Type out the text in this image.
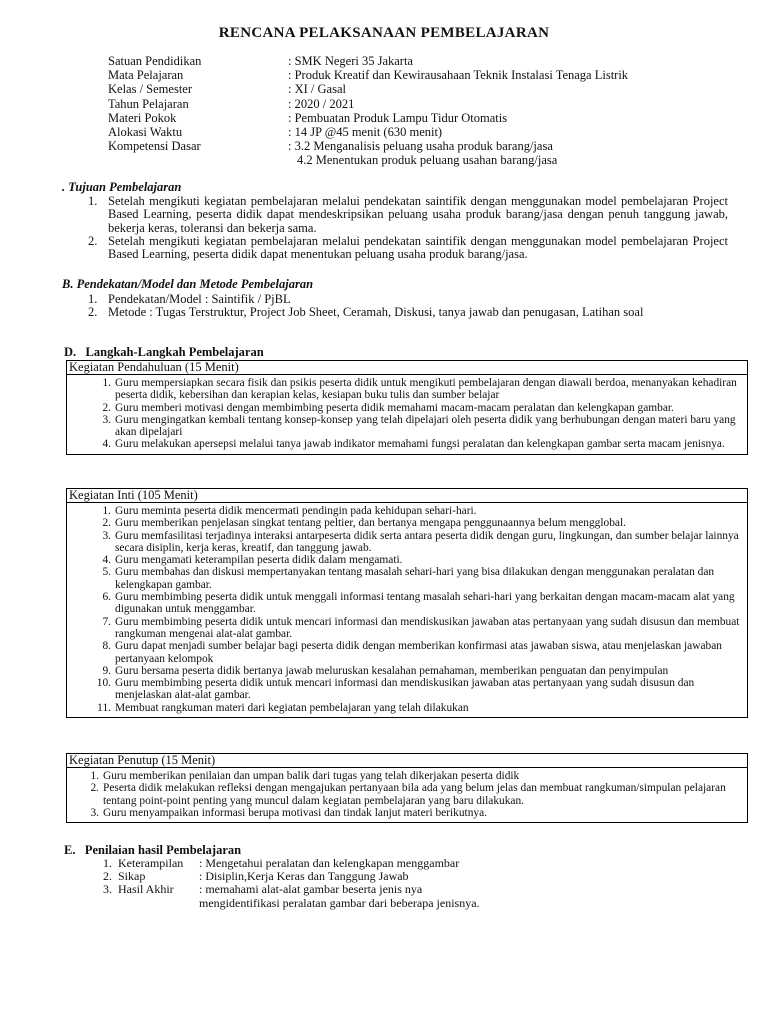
RENCANA PELAKSANAAN PEMBELAJARAN
Satuan Pendidikan	: SMK Negeri 35 Jakarta
Mata Pelajaran	: Produk Kreatif dan Kewirausahaan Teknik Instalasi Tenaga Listrik
Kelas / Semester	: XI / Gasal
Tahun Pelajaran	: 2020 / 2021
Materi Pokok	: Pembuatan Produk Lampu Tidur Otomatis
Alokasi Waktu	: 14 JP @45 menit (630 menit)
Kompetensi Dasar	: 3.2 Menganalisis peluang usaha produk barang/jasa
4.2 Menentukan produk peluang usahan barang/jasa
. Tujuan Pembelajaran
1. Setelah mengikuti kegiatan pembelajaran melalui pendekatan saintifik dengan menggunakan model pembelajaran Project Based Learning, peserta didik dapat mendeskripsikan peluang usaha produk barang/jasa dengan penuh tanggung jawab, bekerja keras, toleransi dan bekerja sama.
2. Setelah mengikuti kegiatan pembelajaran melalui pendekatan saintifik dengan menggunakan model pembelajaran Project Based Learning, peserta didik dapat menentukan peluang usaha produk barang/jasa.
B. Pendekatan/Model dan Metode Pembelajaran
1. Pendekatan/Model : Saintifik / PjBL
2. Metode : Tugas Terstruktur, Project Job Sheet, Ceramah, Diskusi, tanya jawab dan penugasan, Latihan soal
D.   Langkah-Langkah Pembelajaran
Kegiatan Pendahuluan (15 Menit)
1. Guru mempersiapkan secara fisik dan psikis peserta didik untuk mengikuti pembelajaran dengan diawali berdoa, menanyakan kehadiran peserta didik, kebersihan dan kerapian kelas, kesiapan buku tulis dan sumber belajar
2. Guru memberi motivasi dengan membimbing peserta didik memahami macam-macam peralatan dan kelengkapan gambar.
3. Guru mengingatkan kembali tentang konsep-konsep yang telah dipelajari oleh peserta didik yang berhubungan dengan materi baru yang akan dipelajari
4. Guru melakukan apersepsi melalui tanya jawab indikator memahami fungsi peralatan dan kelengkapan gambar serta macam jenisnya.
Kegiatan Inti (105 Menit)
1. Guru meminta peserta didik mencermati pendingin pada kehidupan sehari-hari.
2. Guru memberikan penjelasan singkat tentang peltier, dan bertanya mengapa penggunaannya belum mengglobal.
3. Guru memfasilitasi terjadinya interaksi antarpeserta didik serta antara peserta didik dengan guru, lingkungan, dan sumber belajar lainnya secara disiplin, kerja keras, kreatif, dan tanggung jawab.
4. Guru mengamati keterampilan peserta didik dalam mengamati.
5. Guru membahas dan diskusi mempertanyakan tentang masalah sehari-hari yang bisa dilakukan dengan menggunakan peralatan dan kelengkapan gambar.
6. Guru membimbing peserta didik untuk menggali informasi tentang masalah sehari-hari yang berkaitan dengan macam-macam alat yang digunakan untuk menggambar.
7. Guru membimbing peserta didik untuk mencari informasi dan mendiskusikan jawaban atas pertanyaan yang sudah disusun dan membuat rangkuman mengenai alat-alat gambar.
8. Guru dapat menjadi sumber belajar bagi peserta didik dengan memberikan konfirmasi atas jawaban siswa, atau menjelaskan jawaban pertanyaan kelompok
9. Guru bersama peserta didik bertanya jawab meluruskan kesalahan pemahaman, memberikan penguatan dan penyimpulan
10. Guru membimbing peserta didik untuk mencari informasi dan mendiskusikan jawaban atas pertanyaan yang sudah disusun dan menjelaskan alat-alat gambar.
11. Membuat rangkuman materi dari kegiatan pembelajaran yang telah dilakukan
Kegiatan Penutup (15 Menit)
1. Guru memberikan penilaian dan umpan balik dari tugas yang telah dikerjakan peserta didik
2. Peserta didik melakukan refleksi dengan mengajukan pertanyaan bila ada yang belum jelas dan membuat rangkuman/simpulan pelajaran tentang point-point penting yang muncul dalam kegiatan pembelajaran yang baru dilakukan.
3. Guru menyampaikan informasi berupa motivasi dan tindak lanjut materi berikutnya.
E.   Penilaian hasil Pembelajaran
1. Keterampilan	: Mengetahui peralatan dan kelengkapan menggambar
2. Sikap	: Disiplin,Kerja Keras dan Tanggung Jawab
3. Hasil Akhir	: memahami alat-alat gambar beserta jenis nya
mengidentifikasi peralatan gambar dari beberapa jenisnya.
